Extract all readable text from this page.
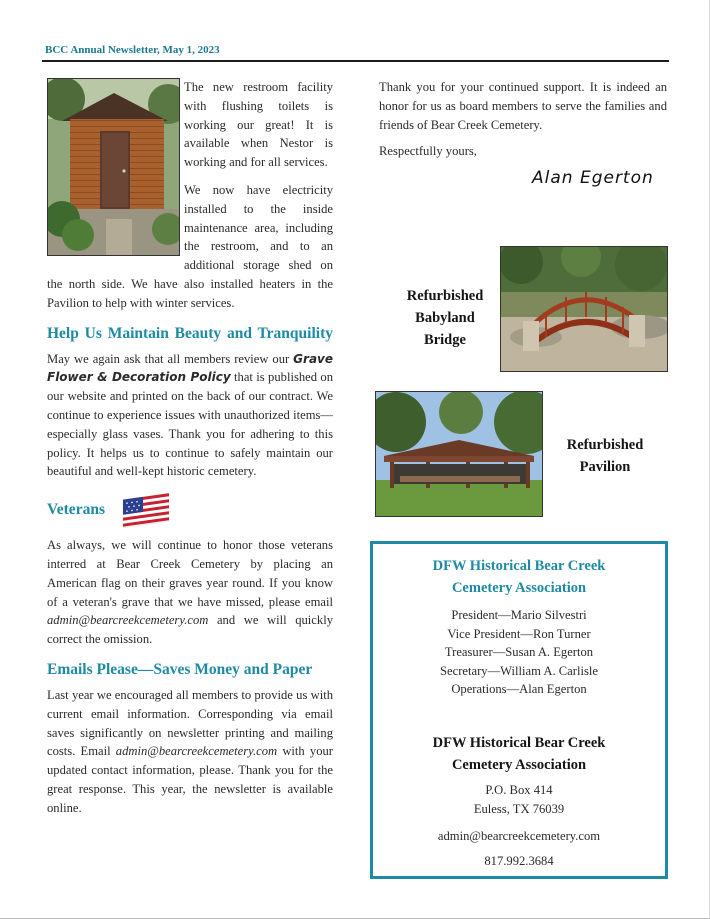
BCC Annual Newsletter, May 1, 2023

The new restroom facility with flushing toilets is working our great! It is available when Nestor is working and for all services.

We now have electricity installed to the inside maintenance area, including the restroom, and to an additional storage shed on the north side. We have also installed heaters in the Pavilion to help with winter services.

Help Us Maintain Beauty and Tranquility

May we again ask that all members review our Grave Flower & Decoration Policy that is published on our website and printed on the back of our contract. We continue to experience issues with unauthorized items—especially glass vases. Thank you for adhering to this policy. It helps us to continue to safely maintain our beautiful and well-kept historic cemetery.

Veterans

As always, we will continue to honor those veterans interred at Bear Creek Cemetery by placing an American flag on their graves year round. If you know of a veteran's grave that we have missed, please email admin@bearcreekcemetery.com and we will quickly correct the omission.

Emails Please—Saves Money and Paper

Last year we encouraged all members to provide us with current email information. Corresponding via email saves significantly on newsletter printing and mailing costs. Email admin@bearcreekcemetery.com with your updated contact information, please. Thank you for the great response. This year, the newsletter is available online.

Thank you for your continued support. It is indeed an honor for us as board members to serve the families and friends of Bear Creek Cemetery.

Respectfully yours,

Alan Egerton
Refurbished
Babyland
Bridge
Refurbished
Pavilion
DFW Historical Bear Creek
Cemetery Association
President—Mario Silvestri
Vice President—Ron Turner
Treasurer—Susan A. Egerton
Secretary—William A. Carlisle
Operations—Alan Egerton
DFW Historical Bear Creek
Cemetery Association
P.O. Box 414
Euless, TX 76039
admin@bearcreekcemetery.com
817.992.3684
